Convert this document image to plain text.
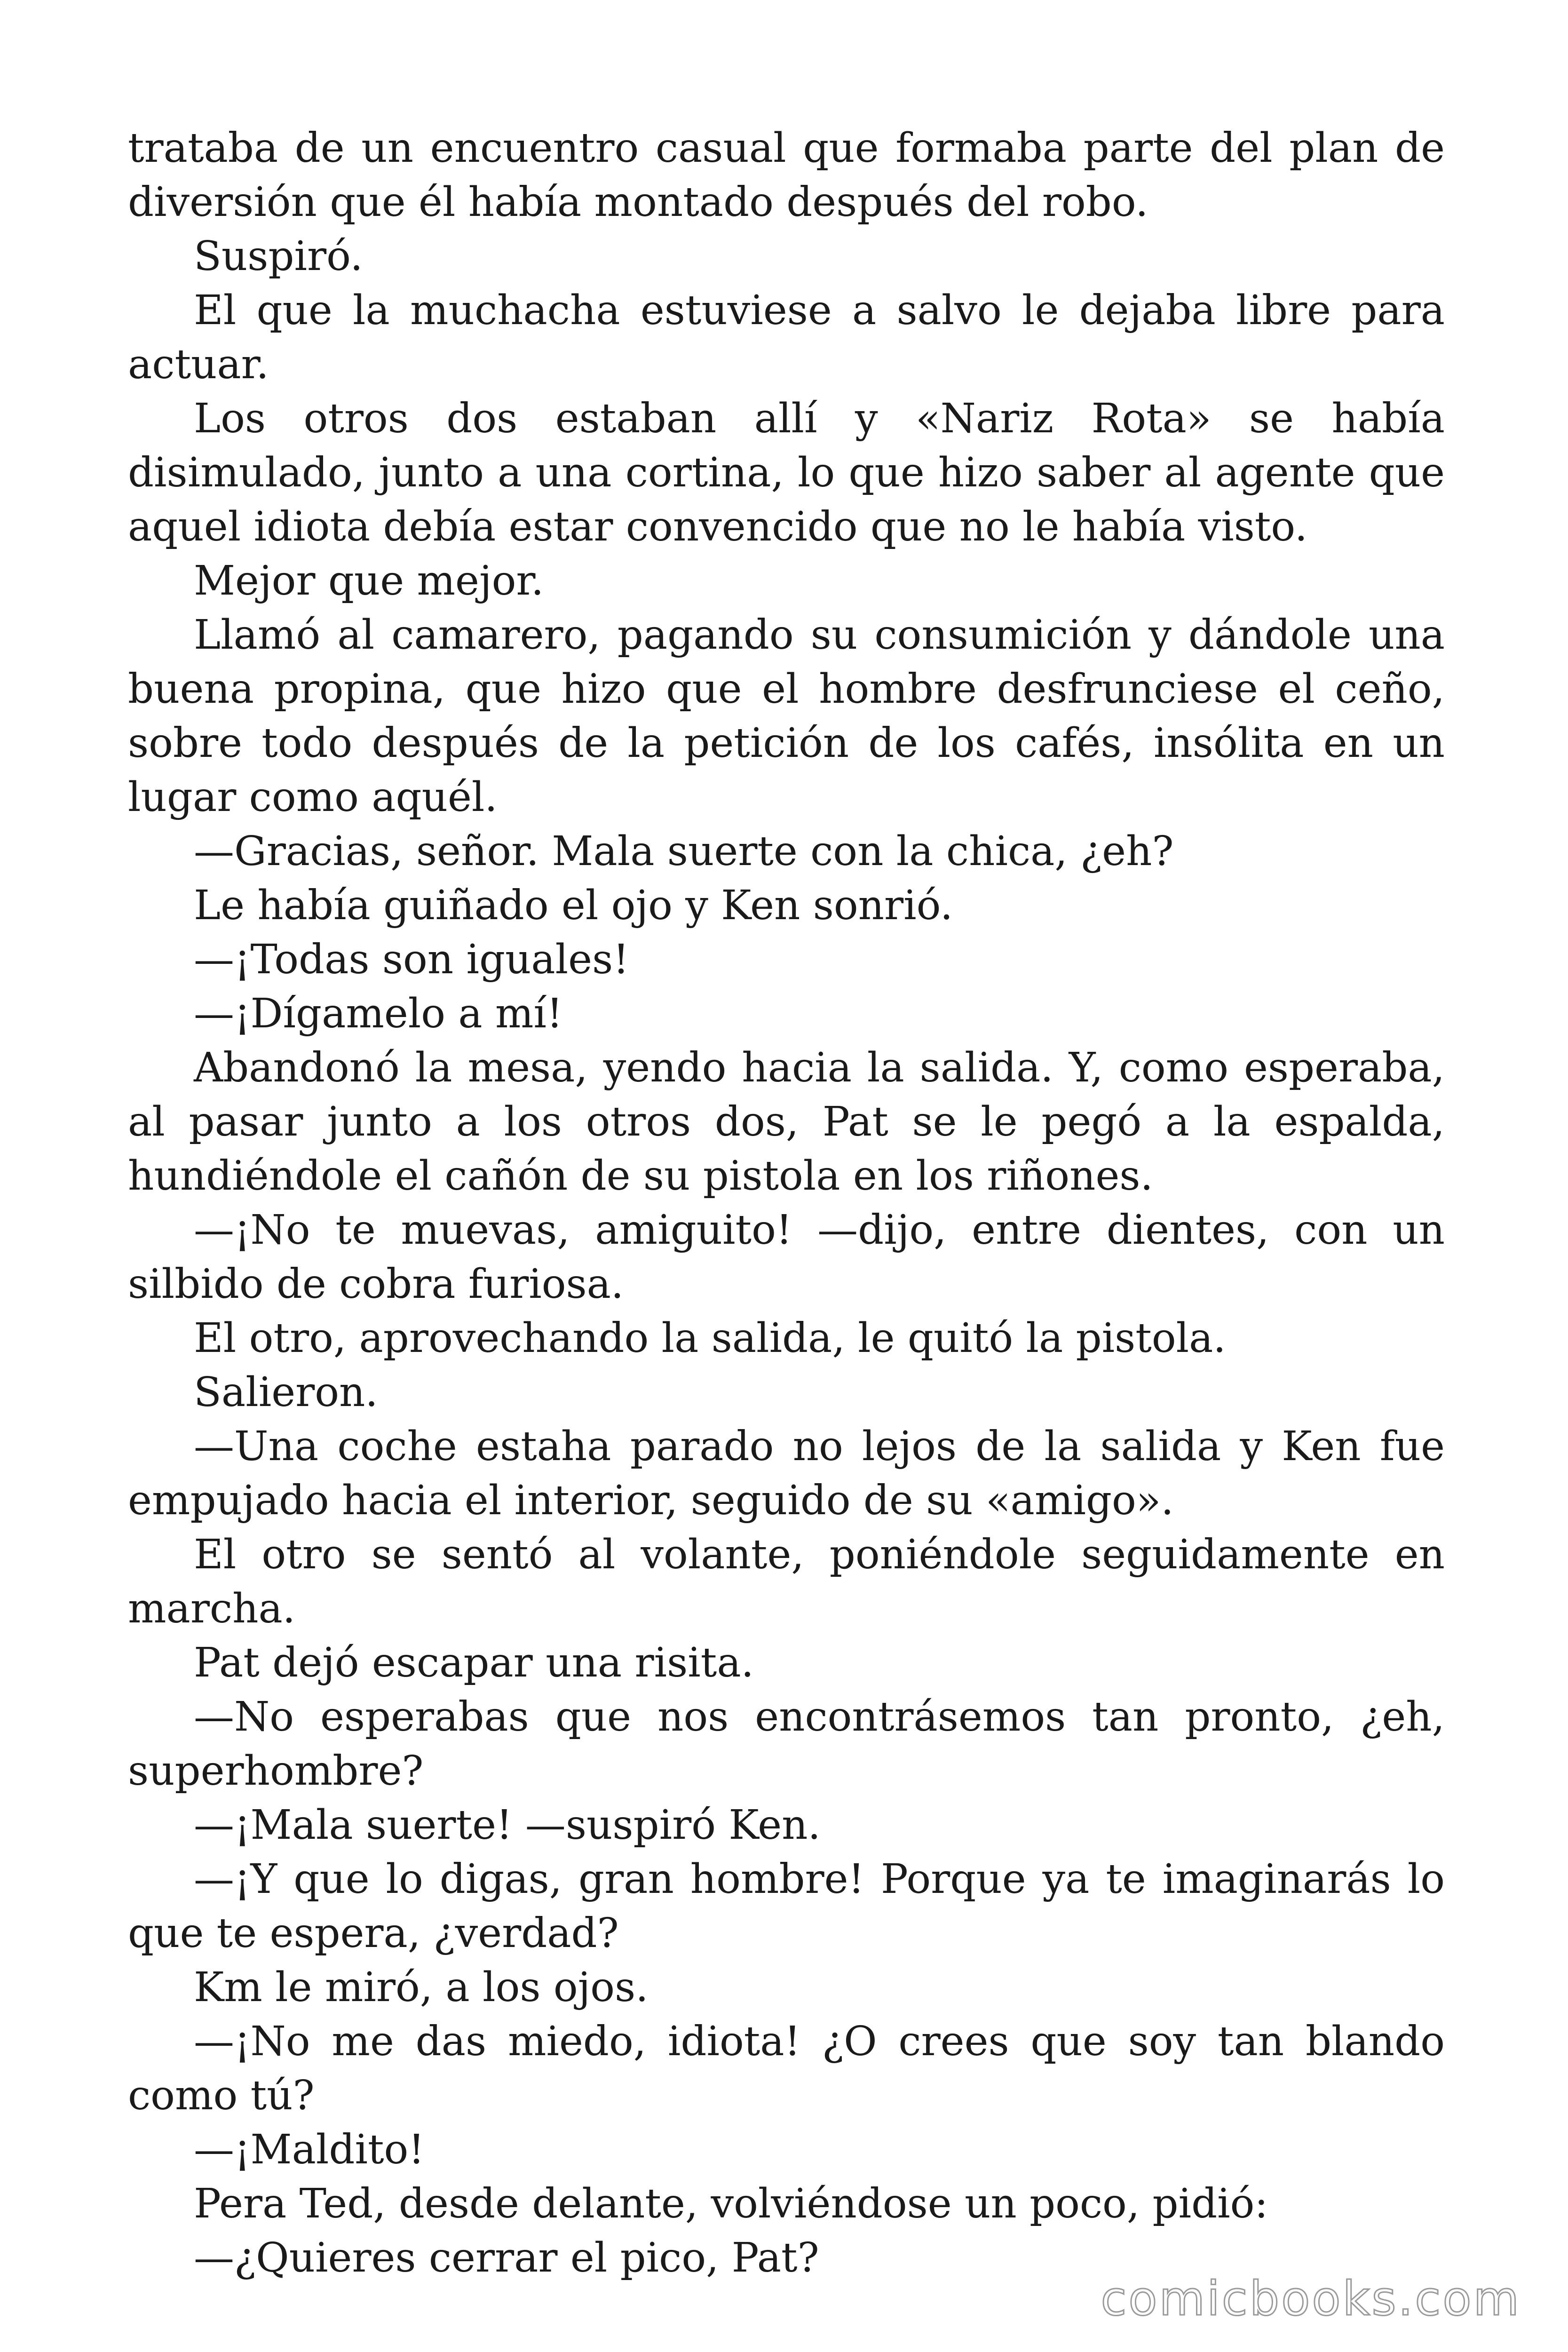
trataba de un encuentro casual que formaba parte del plan de diversión que él había montado después del robo.

Suspiró.

El que la muchacha estuviese a salvo le dejaba libre para actuar.

Los otros dos estaban allí y «Nariz Rota» se había disimulado, junto a una cortina, lo que hizo saber al agente que aquel idiota debía estar convencido que no le había visto.

Mejor que mejor.

Llamó al camarero, pagando su consumición y dándole una buena propina, que hizo que el hombre desfrunciese el ceño, sobre todo después de la petición de los cafés, insólita en un lugar como aquél.

—Gracias, señor. Mala suerte con la chica, ¿eh?

Le había guiñado el ojo y Ken sonrió.

—¡Todas son iguales!

—¡Dígamelo a mí!

Abandonó la mesa, yendo hacia la salida. Y, como esperaba, al pasar junto a los otros dos, Pat se le pegó a la espalda, hundiéndole el cañón de su pistola en los riñones.

—¡No te muevas, amiguito! —dijo, entre dientes, con un silbido de cobra furiosa.

El otro, aprovechando la salida, le quitó la pistola.

Salieron.

—Una coche estaha parado no lejos de la salida y Ken fue empujado hacia el interior, seguido de su «amigo».

El otro se sentó al volante, poniéndole seguidamente en marcha.

Pat dejó escapar una risita.

—No esperabas que nos encontrásemos tan pronto, ¿eh, superhombre?

—¡Mala suerte! —suspiró Ken.

—¡Y que lo digas, gran hombre! Porque ya te imaginarás lo que te espera, ¿verdad?

Km le miró, a los ojos.

—¡No me das miedo, idiota! ¿O crees que soy tan blando como tú?

—¡Maldito!

Pera Ted, desde delante, volviéndose un poco, pidió:

—¿Quieres cerrar el pico, Pat?

comicbooks.com
